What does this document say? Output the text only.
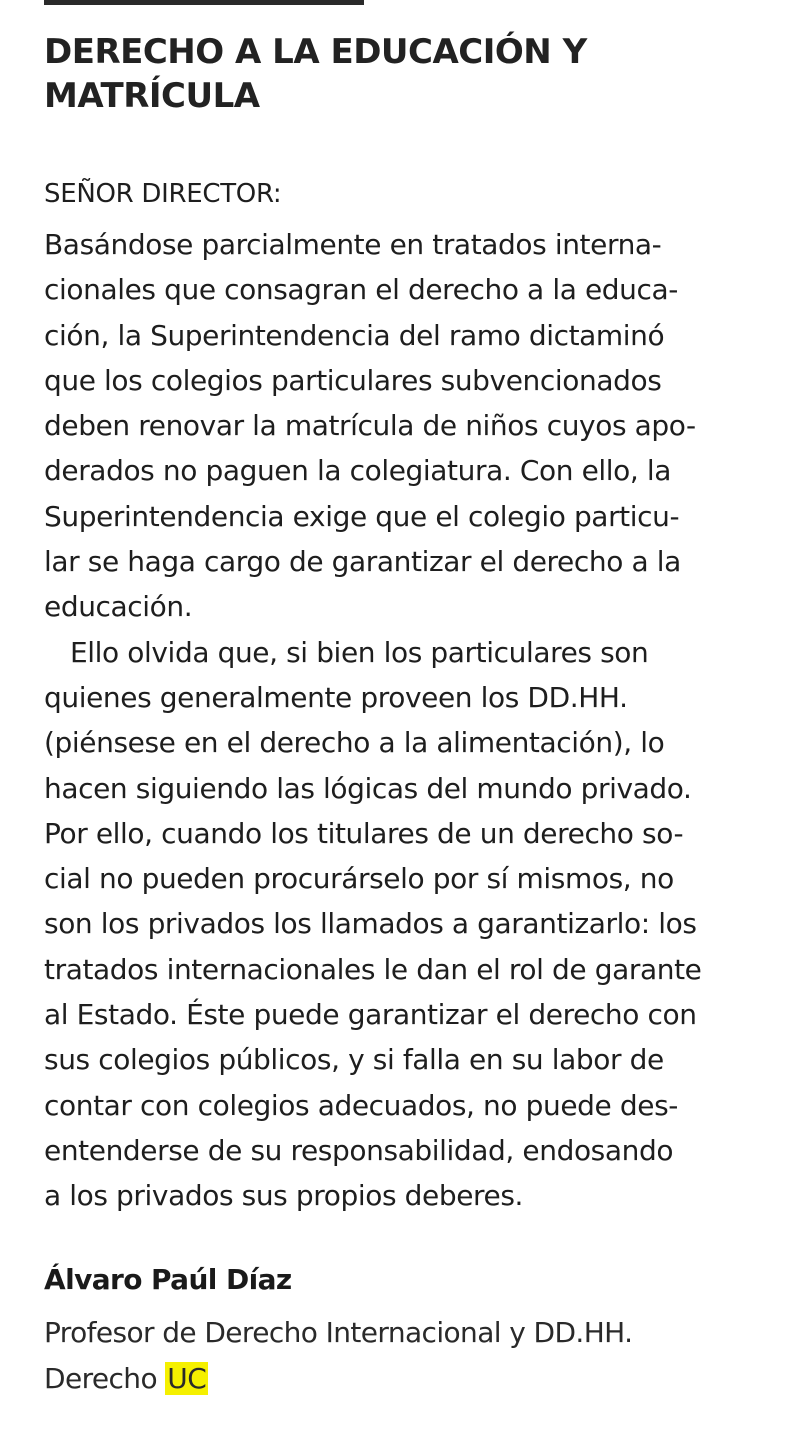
DERECHO A LA EDUCACIÓN Y
MATRÍCULA

SEÑOR DIRECTOR:

Basándose parcialmente en tratados interna-
cionales que consagran el derecho a la educa-
ción, la Superintendencia del ramo dictaminó
que los colegios particulares subvencionados
deben renovar la matrícula de niños cuyos apo-
derados no paguen la colegiatura. Con ello, la
Superintendencia exige que el colegio particu-
lar se haga cargo de garantizar el derecho a la
educación.
Ello olvida que, si bien los particulares son
quienes generalmente proveen los DD.HH.
(piénsese en el derecho a la alimentación), lo
hacen siguiendo las lógicas del mundo privado.
Por ello, cuando los titulares de un derecho so-
cial no pueden procurárselo por sí mismos, no
son los privados los llamados a garantizarlo: los
tratados internacionales le dan el rol de garante
al Estado. Éste puede garantizar el derecho con
sus colegios públicos, y si falla en su labor de
contar con colegios adecuados, no puede des-
entenderse de su responsabilidad, endosando
a los privados sus propios deberes.

Álvaro Paúl Díaz

Profesor de Derecho Internacional y DD.HH.
Derecho UC
